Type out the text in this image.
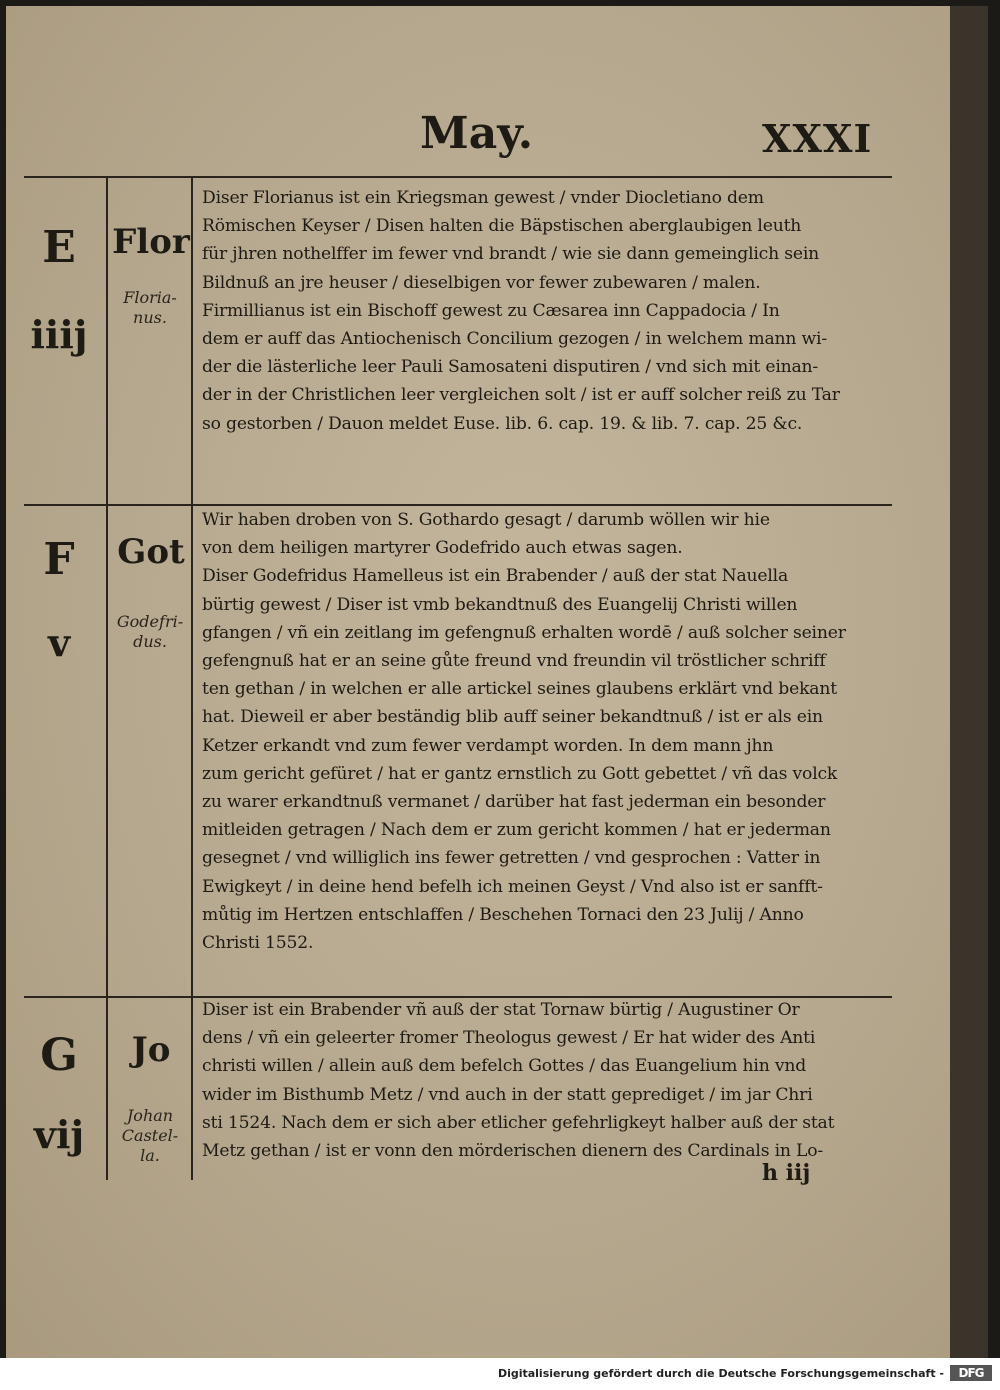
May.	XXXI
E
iiij
Flor
Floria-
nus.

Diser Florianus ist ein Kriegsman gewest / vnder Diocletiano dem

Römischen Keyser / Disen halten die Bäpstischen aberglaubigen leuth

für jhren nothelffer im fewer vnd brandt / wie sie dann gemeinglich sein

Bildnuß an jre heuser / dieselbigen vor fewer zubewaren / malen.

Firmillianus ist ein Bischoff gewest zu Cæsarea inn Cappadocia / In

dem er auff das Antiochenisch Concilium gezogen / in welchem mann wi-

der die lästerliche leer Pauli Samosateni disputiren / vnd sich mit einan-

der in der Christlichen leer vergleichen solt / ist er auff solcher reiß zu Tar

so gestorben / Dauon meldet Euse. lib. 6. cap. 19. & lib. 7. cap. 25 &c.

F
v
Got
Godefri-
dus.

Wir haben droben von S. Gothardo gesagt / darumb wöllen wir hie

von dem heiligen martyrer Godefrido auch etwas sagen.

Diser Godefridus Hamelleus ist ein Brabender / auß der stat Nauella

bürtig gewest / Diser ist vmb bekandtnuß des Euangelij Christi willen

gfangen / vñ ein zeitlang im gefengnuß erhalten wordē / auß solcher seiner

gefengnuß hat er an seine gůte freund vnd freundin vil tröstlicher schriff

ten gethan / in welchen er alle artickel seines glaubens erklärt vnd bekant

hat. Dieweil er aber beständig blib auff seiner bekandtnuß / ist er als ein

Ketzer erkandt vnd zum fewer verdampt worden. In dem mann jhn

zum gericht gefüret / hat er gantz ernstlich zu Gott gebettet / vñ das volck

zu warer erkandtnuß vermanet / darüber hat fast jederman ein besonder

mitleiden getragen / Nach dem er zum gericht kommen / hat er jederman

gesegnet / vnd williglich ins fewer getretten / vnd gesprochen : Vatter in

Ewigkeyt / in deine hend befelh ich meinen Geyst / Vnd also ist er sanfft-

můtig im Hertzen entschlaffen / Beschehen Tornaci den 23 Julij / Anno

Christi 1552.

G
vij
Jo
Johan
Castel-
la.

Diser ist ein Brabender vñ auß der stat Tornaw bürtig / Augustiner Or

dens / vñ ein geleerter fromer Theologus gewest / Er hat wider des Anti

christi willen / allein auß dem befelch Gottes / das Euangelium hin vnd

wider im Bisthumb Metz / vnd auch in der statt geprediget / im jar Chri

sti 1524. Nach dem er sich aber etlicher gefehrligkeyt halber auß der stat

Metz gethan / ist er vonn den mörderischen dienern des Cardinals in Lo-

h iij
Digitalisierung gefördert durch die Deutsche Forschungsgemeinschaft -	DFG
